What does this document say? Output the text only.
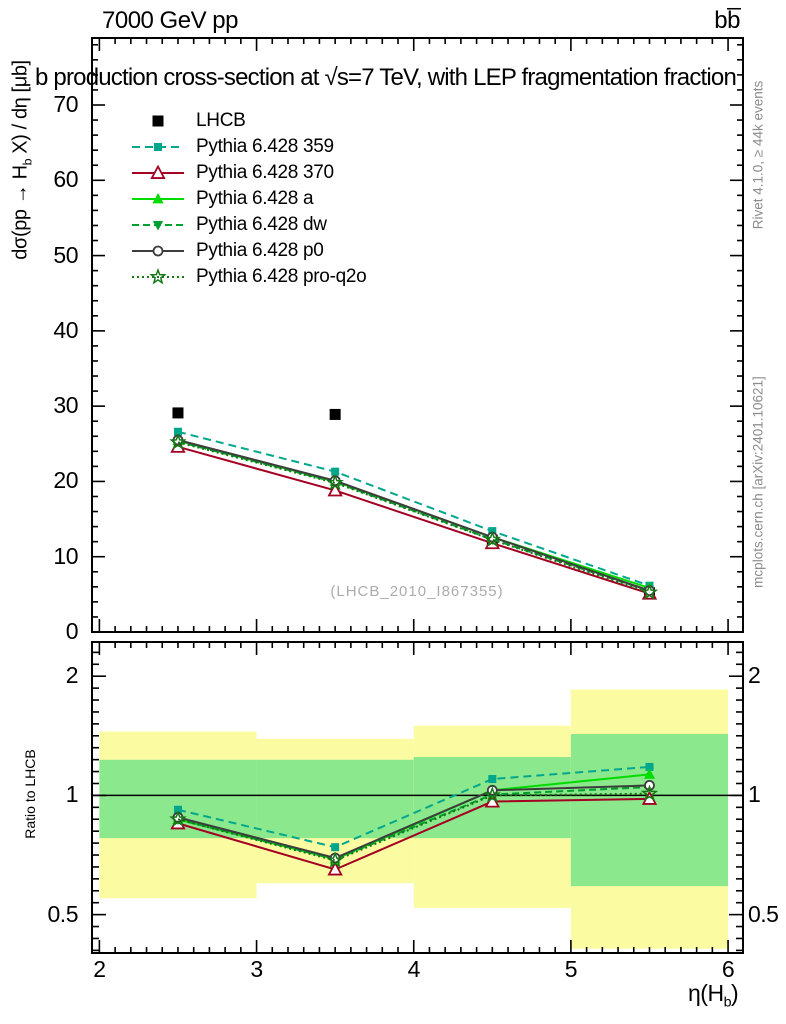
7000 GeV pp	bb̅
b production cross-section at √s=7 TeV, with LEP fragmentation fraction
$d\sigma(pp \to H_b$ X) / dη [μb]
Ratio to LHCB
$\eta(H_b)$
Rivet 4.1.0, ≥ 44k events
mcplots.cern.ch [arXiv:2401.10621]
(LHCB_2010_I867355)
LHCB
Pythia 6.428 359
Pythia 6.428 370
Pythia 6.428 a
Pythia 6.428 dw
Pythia 6.428 p0
Pythia 6.428 pro-q2o
0
10
20
30
40
50
60
70
0.5	0.5
1	1
2	2
2	3	4	5	6
